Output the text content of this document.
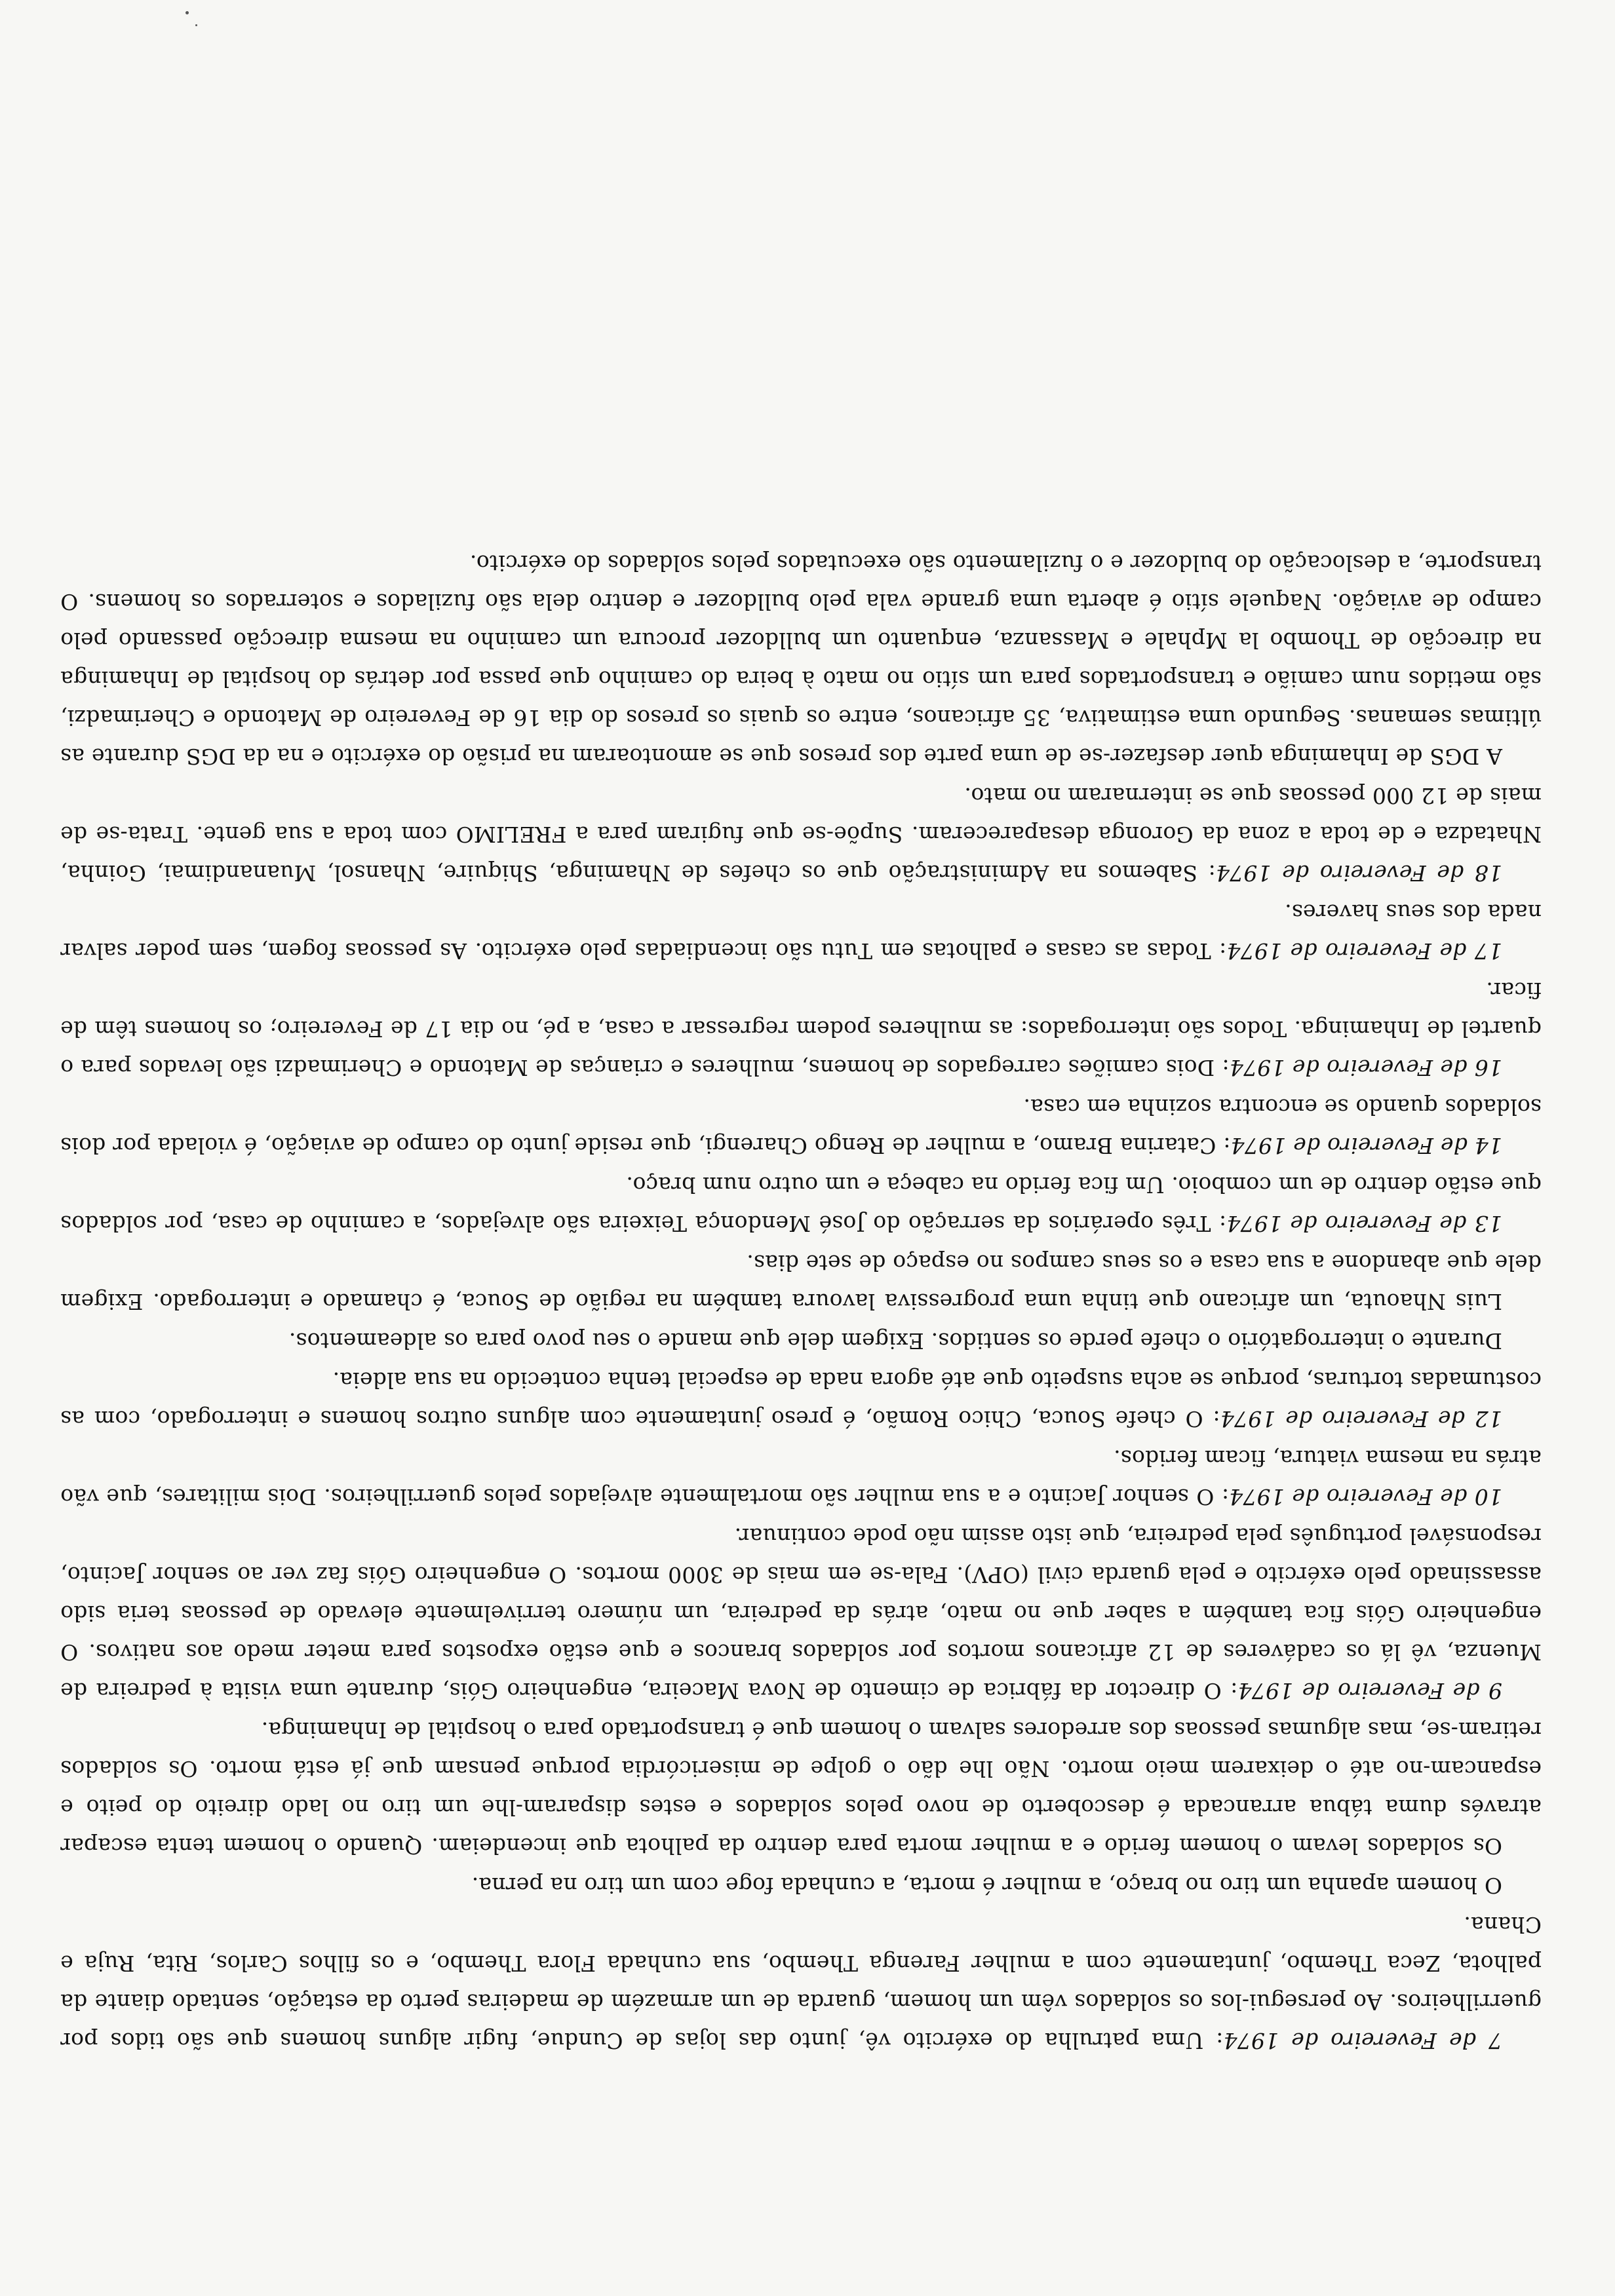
7 de Fevereiro de 1974: Uma patrulha do exército vê, junto das lojas de Cundue, fugir alguns homens que são tidos por guerrilheiros. Ao persegui-los os soldados vêm um homem, guarda de um armazém de madeiras perto da estação, sentado diante da palhota, Zeca Thembo, juntamente com a mulher Farenga Thembo, sua cunhada Flora Thembo, e os filhos Carlos, Rita, Ruja e Chana.

O homem apanha um tiro no braço, a mulher é morta, a cunhada foge com um tiro na perna.

Os soldados levam o homem ferido e a mulher morta para dentro da palhota que incendeiam. Quando o homem tenta escapar através duma tábua arrancada é descoberto de novo pelos soldados e estes disparam-lhe um tiro no lado direito do peito e espancam-no até o deixarem meio morto. Não lhe dão o golpe de misericórdia porque pensam que já está morto. Os soldados retiram-se, mas algumas pessoas dos arredores salvam o homem que é transportado para o hospital de Inhaminga.

9 de Fevereiro de 1974: O director da fábrica de cimento de Nova Maceira, engenheiro Góis, durante uma visita à pedreira de Muenza, vê lá os cadáveres de 12 africanos mortos por soldados brancos e que estão expostos para meter medo aos nativos. O engenheiro Góis fica também a saber que no mato, atrás da pedreira, um número terrivelmente elevado de pessoas teria sido assassinado pelo exército e pela guarda civil (OPV). Fala-se em mais de 3000 mortos. O engenheiro Góis faz ver ao senhor Jacinto, responsável português pela pedreira, que isto assim não pode continuar.

10 de Fevereiro de 1974: O senhor Jacinto e a sua mulher são mortalmente alvejados pelos guerrilheiros. Dois militares, que vão atrás na mesma viatura, ficam feridos.

12 de Fevereiro de 1974: O chefe Souca, Chico Romão, é preso juntamente com alguns outros homens e interrogado, com as costumadas torturas, porque se acha suspeito que até agora nada de especial tenha contecido na sua aldeia.

Durante o interrogatório o chefe perde os sentidos. Exigem dele que mande o seu povo para os aldeamentos.

Luis Nhaouta, um africano que tinha uma progressiva lavoura também na região de Souca, é chamado e interrogado. Exigem dele que abandone a sua casa e os seus campos no espaço de sete dias.

13 de Fevereiro de 1974: Três operários da serração do José Mendonça Teixeira são alvejados, a caminho de casa, por soldados que estão dentro de um comboio. Um fica ferido na cabeça e um outro num braço.

14 de Fevereiro de 1974: Catarina Bramo, a mulher de Rengo Charengi, que reside junto do campo de aviação, é violada por dois soldados quando se encontra sozinha em casa.

16 de Fevereiro de 1974: Dois camiões carregados de homens, mulheres e crianças de Matondo e Cherimadzi são levados para o quartel de Inhaminga. Todos são interrogados: as mulheres podem regressar a casa, a pé, no dia 17 de Fevereiro; os homens têm de ficar.

17 de Fevereiro de 1974: Todas as casas e palhotas em Tutu são incendiadas pelo exército. As pessoas fogem, sem poder salvar nada dos seus haveres.

18 de Fevereiro de 1974: Sabemos na Administração que os chefes de Nhaminga, Shiquire, Nhansol, Muanandimai, Goinha, Nhatadza e de toda a zona da Goronga desapareceram. Supõe-se que fugiram para a FRELIMO com toda a sua gente. Trata-se de mais de 12 000 pessoas que se internaram no mato.

A DGS de Inhaminga quer desfazer-se de uma parte dos presos que se amontoaram na prisão do exército e na da DGS durante as últimas semanas. Segundo uma estimativa, 35 africanos, entre os quais os presos do dia 16 de Fevereiro de Matondo e Cherimadzi, são metidos num camião e transportados para um sítio no mato à beira do caminho que passa por detrás do hospital de Inhaminga na direcção de Thombo la Mphale e Massanza, enquanto um bulldozer procura um caminho na mesma direcção passando pelo campo de aviação. Naquele sítio é aberta uma grande vala pelo bulldozer e dentro dela são fuzilados e soterrados os homens. O transporte, a deslocação do buldozer e o fuzilamento são executados pelos soldados do exército.
